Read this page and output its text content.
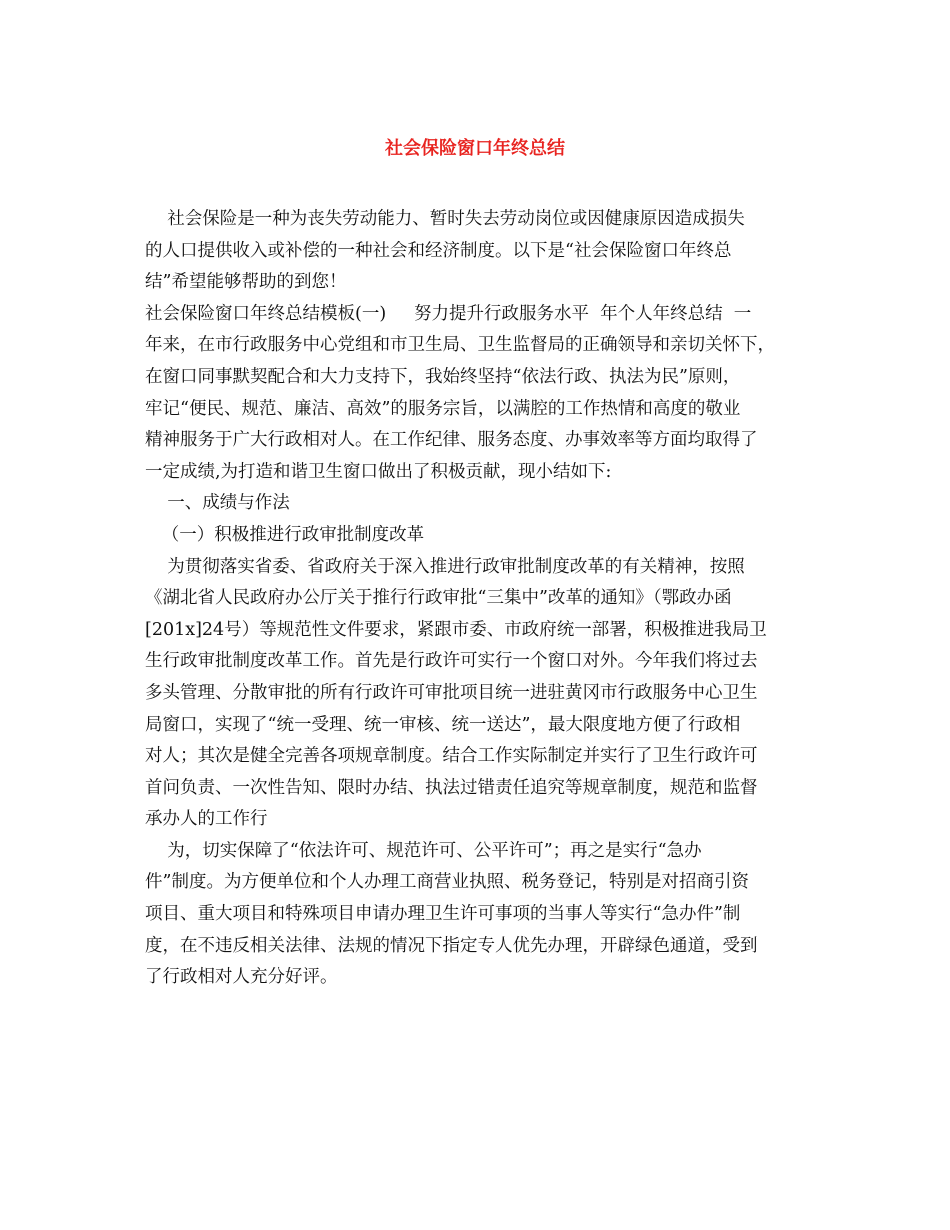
社会保险窗口年终总结
社会保险是一种为丧失劳动能力、暂时失去劳动岗位或因健康原因造成损失
的人口提供收入或补偿的一种社会和经济制度。以下是“社会保险窗口年终总
结”希望能够帮助的到您！
社会保险窗口年终总结模板(一)     努力提升行政服务水平  年个人年终总结  一
年来，在市行政服务中心党组和市卫生局、卫生监督局的正确领导和亲切关怀下，
在窗口同事默契配合和大力支持下，我始终坚持“依法行政、执法为民”原则，
牢记“便民、规范、廉洁、高效”的服务宗旨，以满腔的工作热情和高度的敬业
精神服务于广大行政相对人。在工作纪律、服务态度、办事效率等方面均取得了
一定成绩,为打造和谐卫生窗口做出了积极贡献，现小结如下:
一、成绩与作法
（一）积极推进行政审批制度改革
为贯彻落实省委、省政府关于深入推进行政审批制度改革的有关精神，按照
《湖北省人民政府办公厅关于推行行政审批“三集中”改革的通知》（鄂政办函
[201x]24号）等规范性文件要求，紧跟市委、市政府统一部署，积极推进我局卫
生行政审批制度改革工作。首先是行政许可实行一个窗口对外。今年我们将过去
多头管理、分散审批的所有行政许可审批项目统一进驻黄冈市行政服务中心卫生
局窗口，实现了“统一受理、统一审核、统一送达”，最大限度地方便了行政相
对人；其次是健全完善各项规章制度。结合工作实际制定并实行了卫生行政许可
首问负责、一次性告知、限时办结、执法过错责任追究等规章制度，规范和监督
承办人的工作行
为，切实保障了“依法许可、规范许可、公平许可”；再之是实行“急办
件”制度。为方便单位和个人办理工商营业执照、税务登记，特别是对招商引资
项目、重大项目和特殊项目申请办理卫生许可事项的当事人等实行“急办件”制
度，在不违反相关法律、法规的情况下指定专人优先办理，开辟绿色通道，受到
了行政相对人充分好评。
